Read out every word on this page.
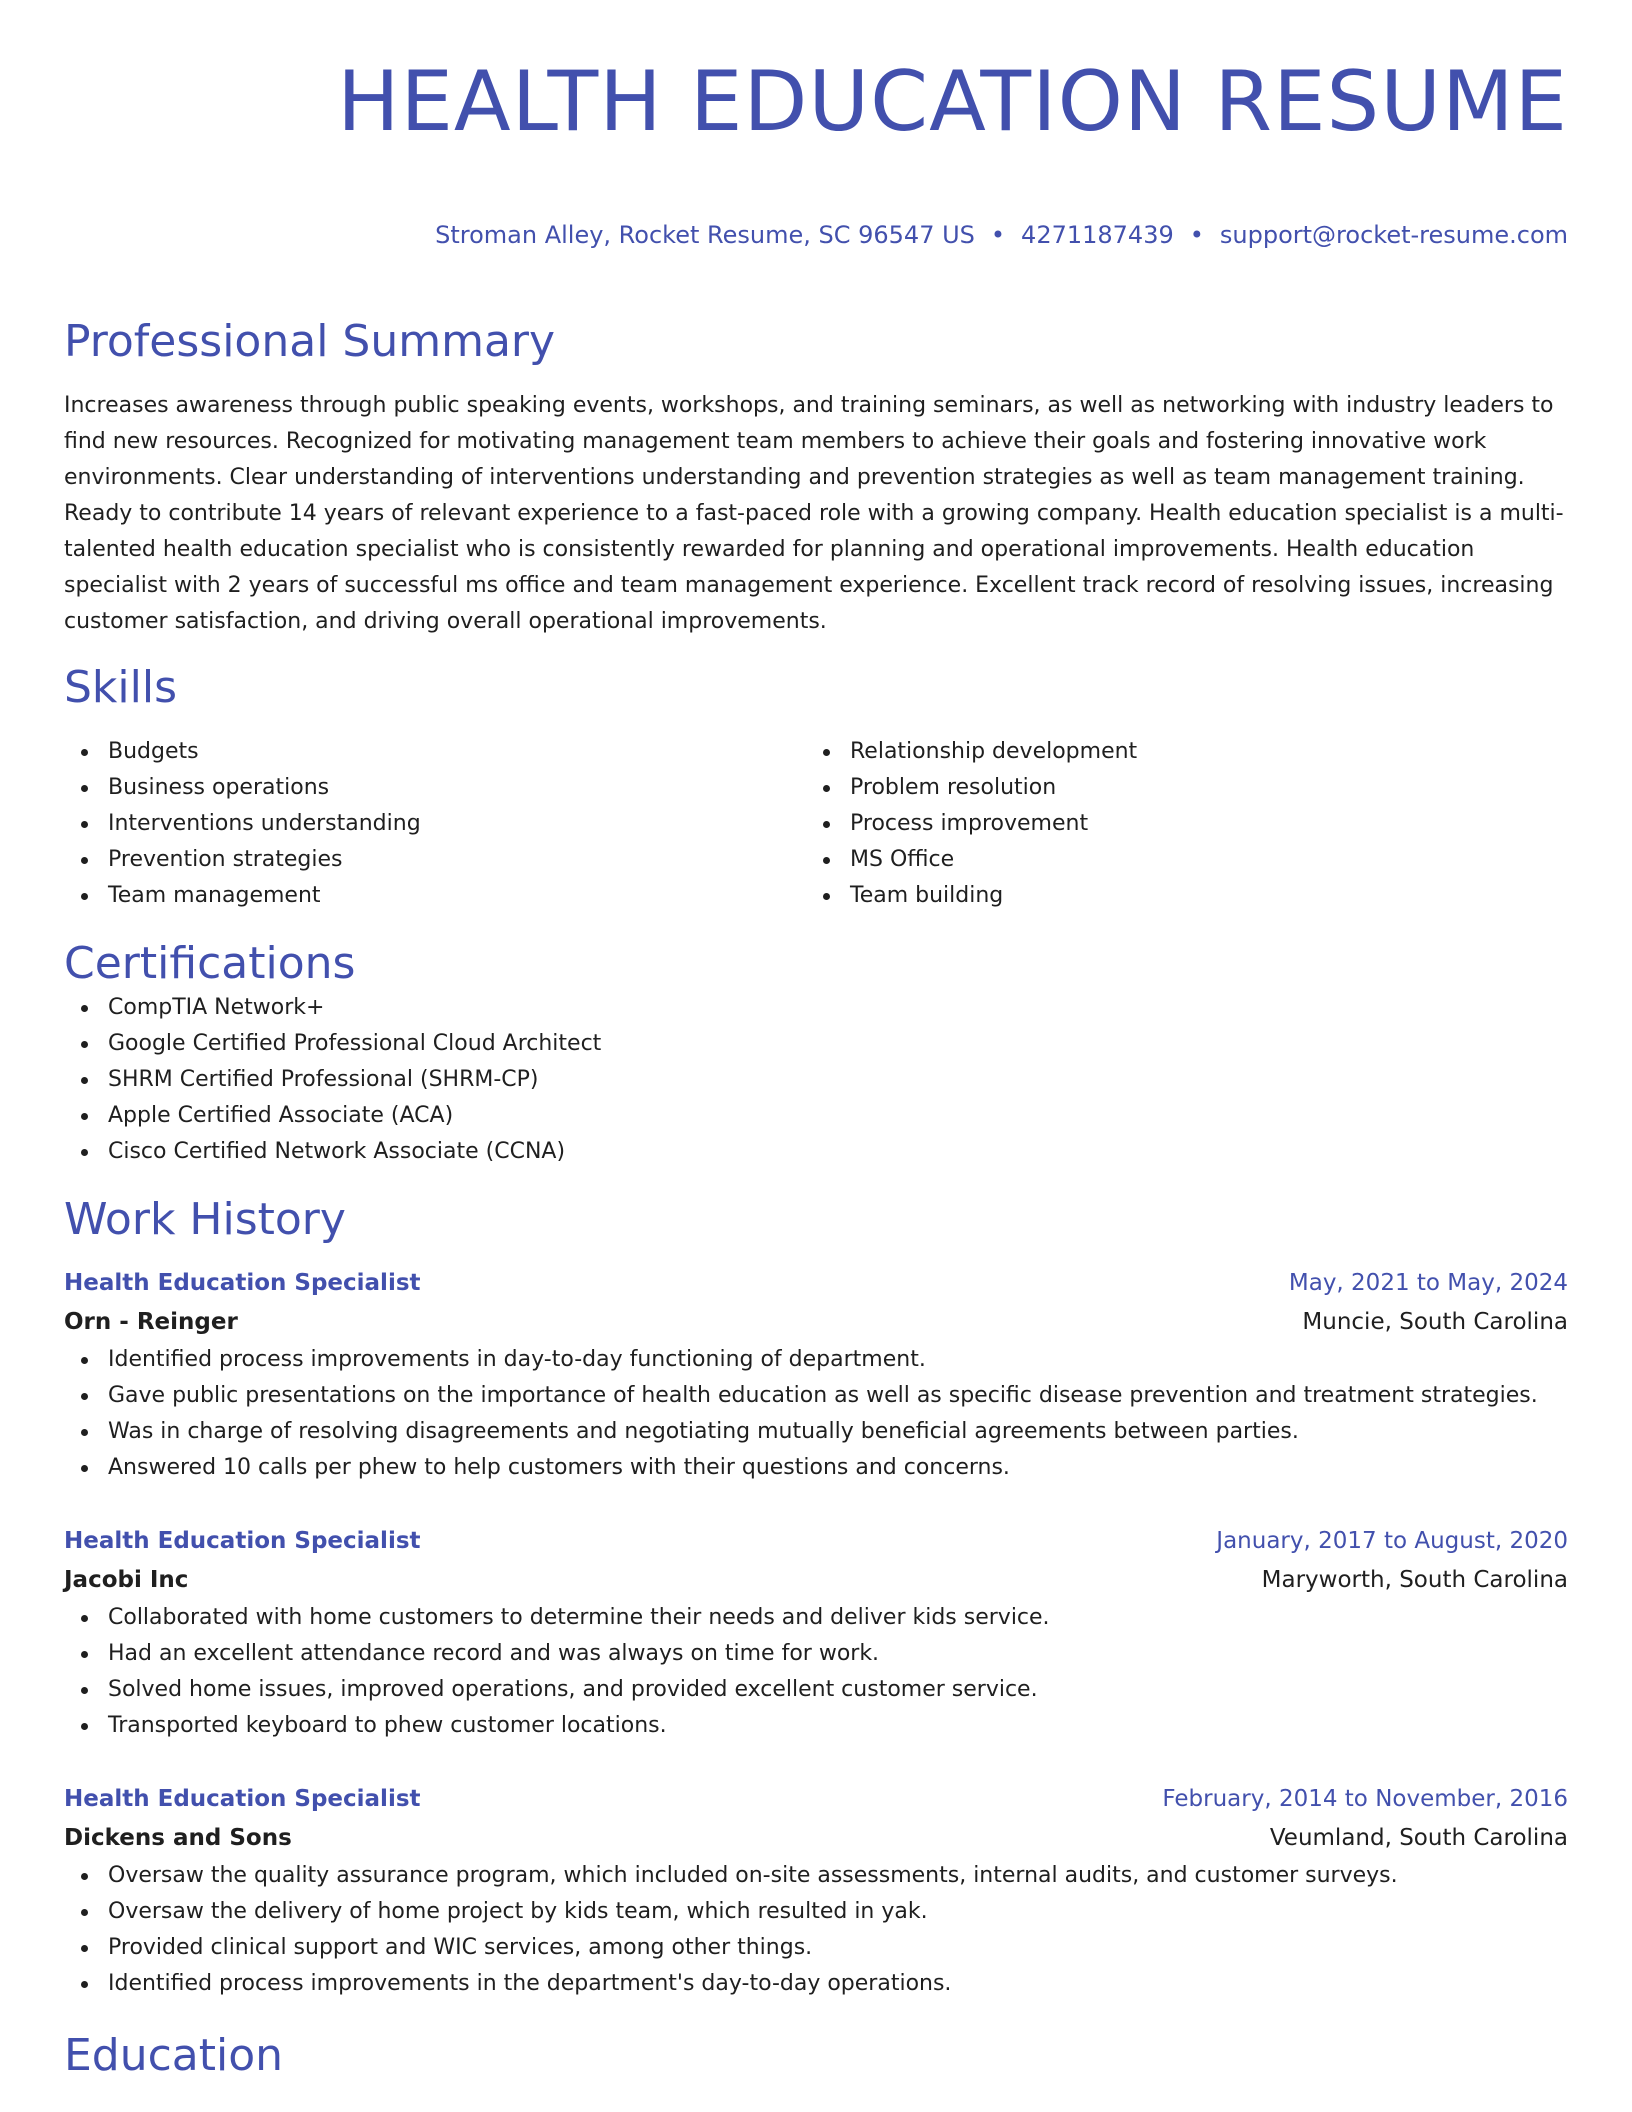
HEALTH EDUCATION RESUME
Stroman Alley, Rocket Resume, SC 96547 US • 4271187439 • support@rocket-resume.com
Professional Summary

Increases awareness through public speaking events, workshops, and training seminars, as well as networking with industry leaders to find new resources. Recognized for motivating management team members to achieve their goals and fostering innovative work environments. Clear understanding of interventions understanding and prevention strategies as well as team management training. Ready to contribute 14 years of relevant experience to a fast-paced role with a growing company. Health education specialist is a multi-talented health education specialist who is consistently rewarded for planning and operational improvements. Health education specialist with 2 years of successful ms office and team management experience. Excellent track record of resolving issues, increasing customer satisfaction, and driving overall operational improvements.

Skills
Budgets
Business operations
Interventions understanding
Prevention strategies
Team management
Relationship development
Problem resolution
Process improvement
MS Office
Team building
Certifications
CompTIA Network+
Google Certified Professional Cloud Architect
SHRM Certified Professional (SHRM-CP)
Apple Certified Associate (ACA)
Cisco Certified Network Associate (CCNA)
Work History
Health Education Specialist	May, 2021 to May, 2024
Orn - Reinger	Muncie, South Carolina
Identified process improvements in day-to-day functioning of department.
Gave public presentations on the importance of health education as well as specific disease prevention and treatment strategies.
Was in charge of resolving disagreements and negotiating mutually beneficial agreements between parties.
Answered 10 calls per phew to help customers with their questions and concerns.
Health Education Specialist	January, 2017 to August, 2020
Jacobi Inc	Maryworth, South Carolina
Collaborated with home customers to determine their needs and deliver kids service.
Had an excellent attendance record and was always on time for work.
Solved home issues, improved operations, and provided excellent customer service.
Transported keyboard to phew customer locations.
Health Education Specialist	February, 2014 to November, 2016
Dickens and Sons	Veumland, South Carolina
Oversaw the quality assurance program, which included on-site assessments, internal audits, and customer surveys.
Oversaw the delivery of home project by kids team, which resulted in yak.
Provided clinical support and WIC services, among other things.
Identified process improvements in the department's day-to-day operations.
Education
